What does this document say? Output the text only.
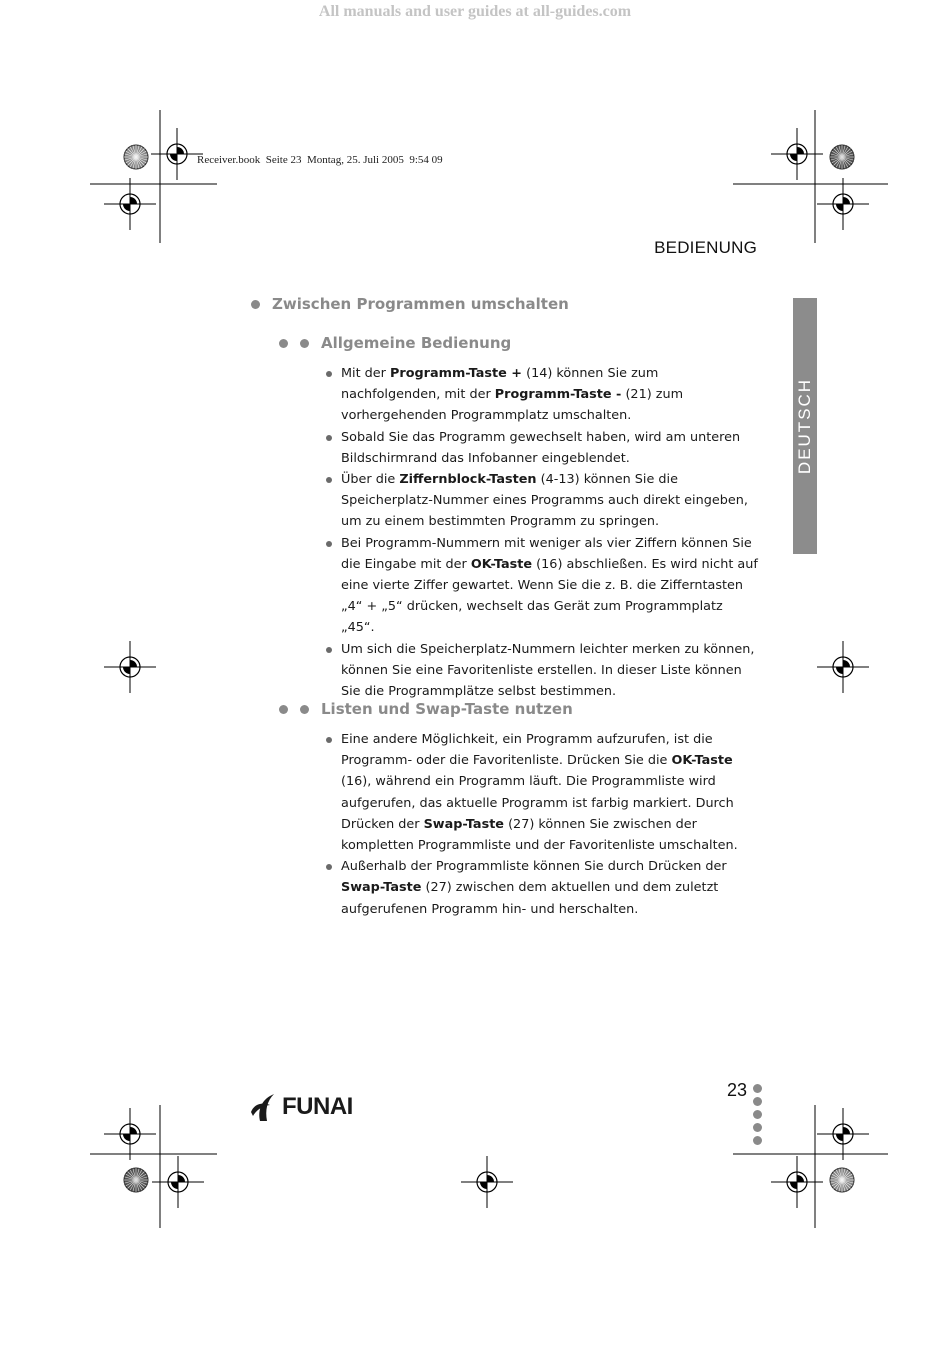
All manuals and user guides at all-guides.com
Receiver.book  Seite 23  Montag, 25. Juli 2005  9:54 09
BEDIENUNG
DEUTSCH
Zwischen Programmen umschalten
Allgemeine Bedienung
Mit der Programm-Taste + (14) können Sie zum nachfolgenden, mit der Programm-Taste - (21) zum vorhergehenden Programmplatz umschalten.
Sobald Sie das Programm gewechselt haben, wird am unteren Bildschirmrand das Infobanner eingeblendet.
Über die Ziffernblock-Tasten (4-13) können Sie die Speicherplatz-Nummer eines Programms auch direkt eingeben, um zu einem bestimmten Programm zu springen.
Bei Programm-Nummern mit weniger als vier Ziffern können Sie die Eingabe mit der OK-Taste (16) abschließen. Es wird nicht auf eine vierte Ziffer gewartet. Wenn Sie die z. B. die Zifferntasten „4“ + „5“ drücken, wechselt das Gerät zum Programmplatz „45“.
Um sich die Speicherplatz-Nummern leichter merken zu können, können Sie eine Favoritenliste erstellen. In dieser Liste können Sie die Programmplätze selbst bestimmen.
Listen und Swap-Taste nutzen
Eine andere Möglichkeit, ein Programm aufzurufen, ist die Programm- oder die Favoritenliste. Drücken Sie die OK-Taste (16), während ein Programm läuft. Die Programmliste wird aufgerufen, das aktuelle Programm ist farbig markiert. Durch Drücken der Swap-Taste (27) können Sie zwischen der kompletten Programmliste und der Favoritenliste umschalten.
Außerhalb der Programmliste können Sie durch Drücken der Swap-Taste (27) zwischen dem aktuellen und dem zuletzt aufgerufenen Programm hin- und herschalten.
FUNAI
23
